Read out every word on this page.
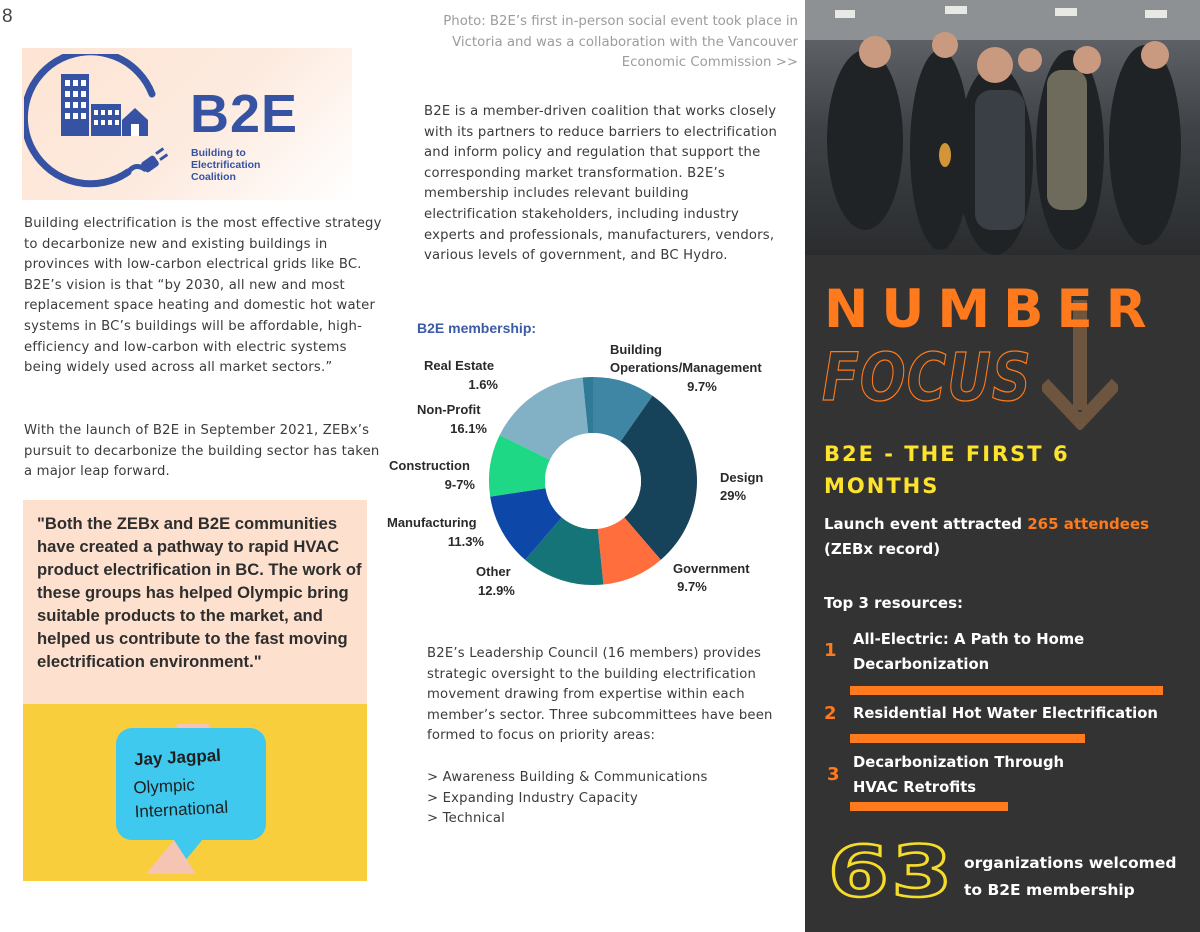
8
B2E
Building to
Electrification
Coalition

Building electrification is the most effective strategy to decarbonize new and existing buildings in provinces with low-carbon electrical grids like BC. B2E’s vision is that “by 2030, all new and most replacement space heating and domestic hot water systems in BC’s buildings will be affordable, high-efficiency and low-carbon with electric systems being widely used across all market sectors.”

With the launch of B2E in September 2021, ZEBx’s pursuit to decarbonize the building sector has taken a major leap forward.

"Both the ZEBx and B2E communities have created a pathway to rapid HVAC product electrification in BC. The work of these groups has helped Olympic bring suitable products to the market, and helped us contribute to the fast moving electrification environment."

Jay Jagpal
Olympic
International

Photo: B2E’s first in-person social event took place in Victoria and was a collaboration with the Vancouver Economic Commission >>

B2E is a member-driven coalition that works closely with its partners to reduce barriers to electrification and inform policy and regulation that support the corresponding market transformation. B2E’s membership includes relevant building electrification stakeholders, including industry experts and professionals, manufacturers, vendors, various levels of government, and BC Hydro.

B2E membership:
Building
Operations/Management
9.7%
Design
29%
Government
9.7%
Other
12.9%
Manufacturing
11.3%
Construction
9-7%
Non-Profit
16.1%
Real Estate
1.6%

B2E’s Leadership Council (16 members) provides strategic oversight to the building electrification movement drawing from expertise within each member’s sector. Three subcommittees have been formed to focus on priority areas:

> Awareness Building & Communications
> Expanding Industry Capacity
> Technical
NUMBER
FOCUS
B2E - THE FIRST 6 MONTHS
Launch event attracted 265 attendees
(ZEBx record)
Top 3 resources:
1
All-Electric: A Path to Home
Decarbonization
2 Residential Hot Water Electrification
3
Decarbonization Through
HVAC Retrofits
63 organizations welcomed
to B2E membership
